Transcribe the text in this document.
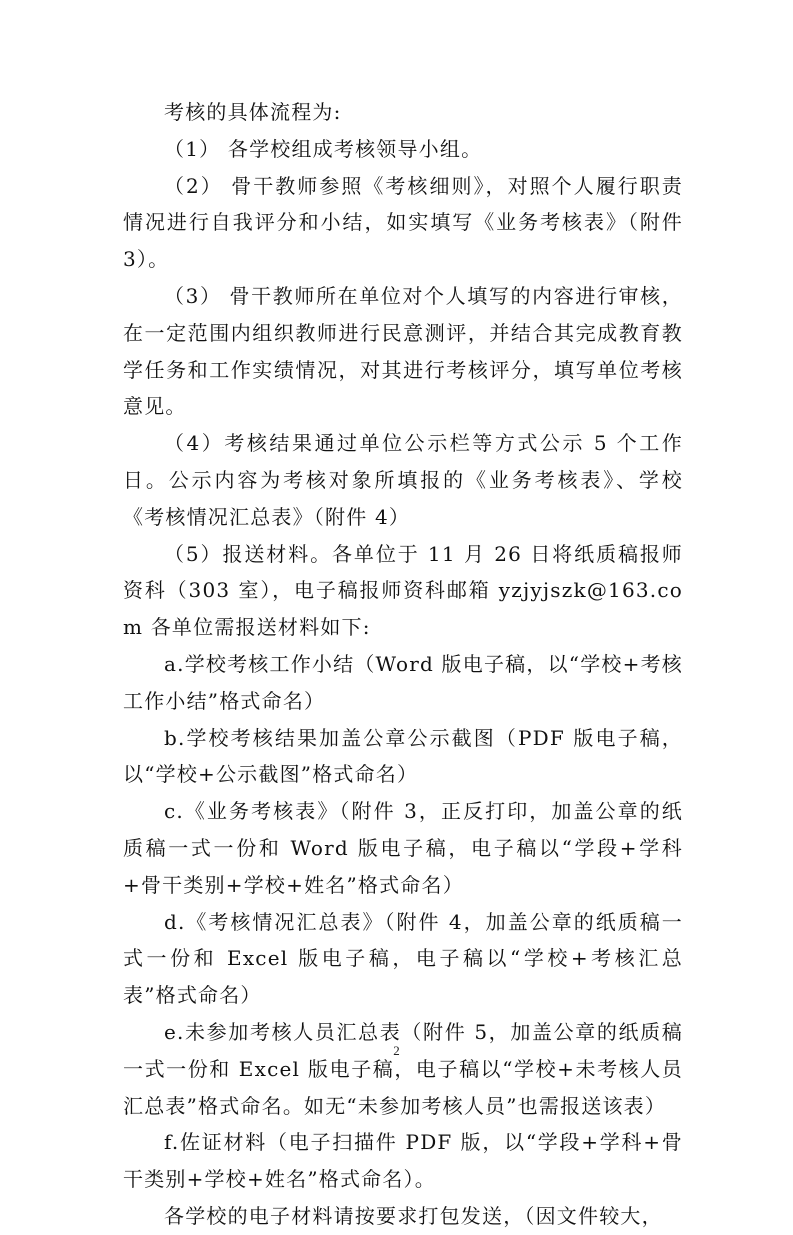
考核的具体流程为:

（1） 各学校组成考核领导小组。

（2） 骨干教师参照《考核细则》，对照个人履行职责情况进行自我评分和小结，如实填写《业务考核表》（附件 3）。

（3） 骨干教师所在单位对个人填写的内容进行审核，在一定范围内组织教师进行民意测评，并结合其完成教育教学任务和工作实绩情况，对其进行考核评分，填写单位考核意见。

（4）考核结果通过单位公示栏等方式公示 5 个工作日。公示内容为考核对象所填报的《业务考核表》、学校《考核情况汇总表》（附件 4）

（5）报送材料。各单位于 11 月 26 日将纸质稿报师资科（303 室），电子稿报师资科邮箱 yzjyjszk@163.com 各单位需报送材料如下:

a.学校考核工作小结（Word 版电子稿，以“学校+考核工作小结”格式命名）

b.学校考核结果加盖公章公示截图（PDF 版电子稿，以“学校+公示截图”格式命名）

c.《业务考核表》（附件 3，正反打印，加盖公章的纸质稿一式一份和 Word 版电子稿，电子稿以“学段+学科+骨干类别+学校+姓名”格式命名）

d.《考核情况汇总表》（附件 4，加盖公章的纸质稿一式一份和 Excel 版电子稿，电子稿以“学校+考核汇总表”格式命名）

e.未参加考核人员汇总表（附件 5，加盖公章的纸质稿一式一份和 Excel 版电子稿，电子稿以“学校+未考核人员汇总表”格式命名。如无“未参加考核人员”也需报送该表）

f.佐证材料（电子扫描件 PDF 版，以“学段+学科+骨干类别+学校+姓名”格式命名）。

各学校的电子材料请按要求打包发送，（因文件较大，

2
